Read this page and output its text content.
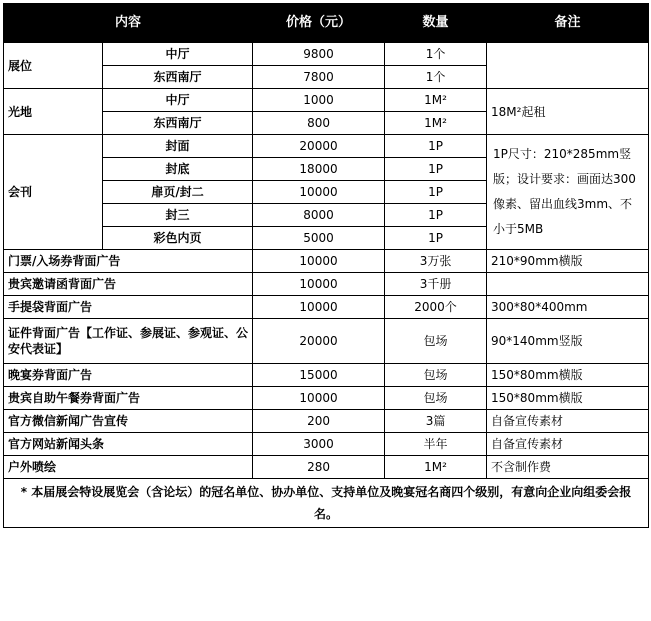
内容		价格（元）	数量	备注
展位	中厅	9800	1个	
	东西南厅	7800	1个	
光地	中厅	1000	1M²	18M²起租
	东西南厅	800	1M²	
会刊	封面	20000	1P	1P尺寸：210*285mm竖版；设计要求：画面达300像素、留出血线3mm、不小于5MB
	封底	18000	1P	
	扉页/封二	10000	1P	
	封三	8000	1P	
	彩色内页	5000	1P	
门票/入场券背面广告		10000	3万张	210*90mm横版
贵宾邀请函背面广告		10000	3千册	
手提袋背面广告		10000	2000个	300*80*400mm
证件背面广告【工作证、参展证、参观证、公安代表证】		20000	包场	90*140mm竖版
晚宴券背面广告		15000	包场	150*80mm横版
贵宾自助午餐券背面广告		10000	包场	150*80mm横版
官方微信新闻广告宣传		200	3篇	自备宣传素材
官方网站新闻头条		3000	半年	自备宣传素材
户外喷绘		280	1M²	不含制作费
* 本届展会特设展览会（含论坛）的冠名单位、协办单位、支持单位及晚宴冠名商四个级别，有意向企业向组委会报名。				
